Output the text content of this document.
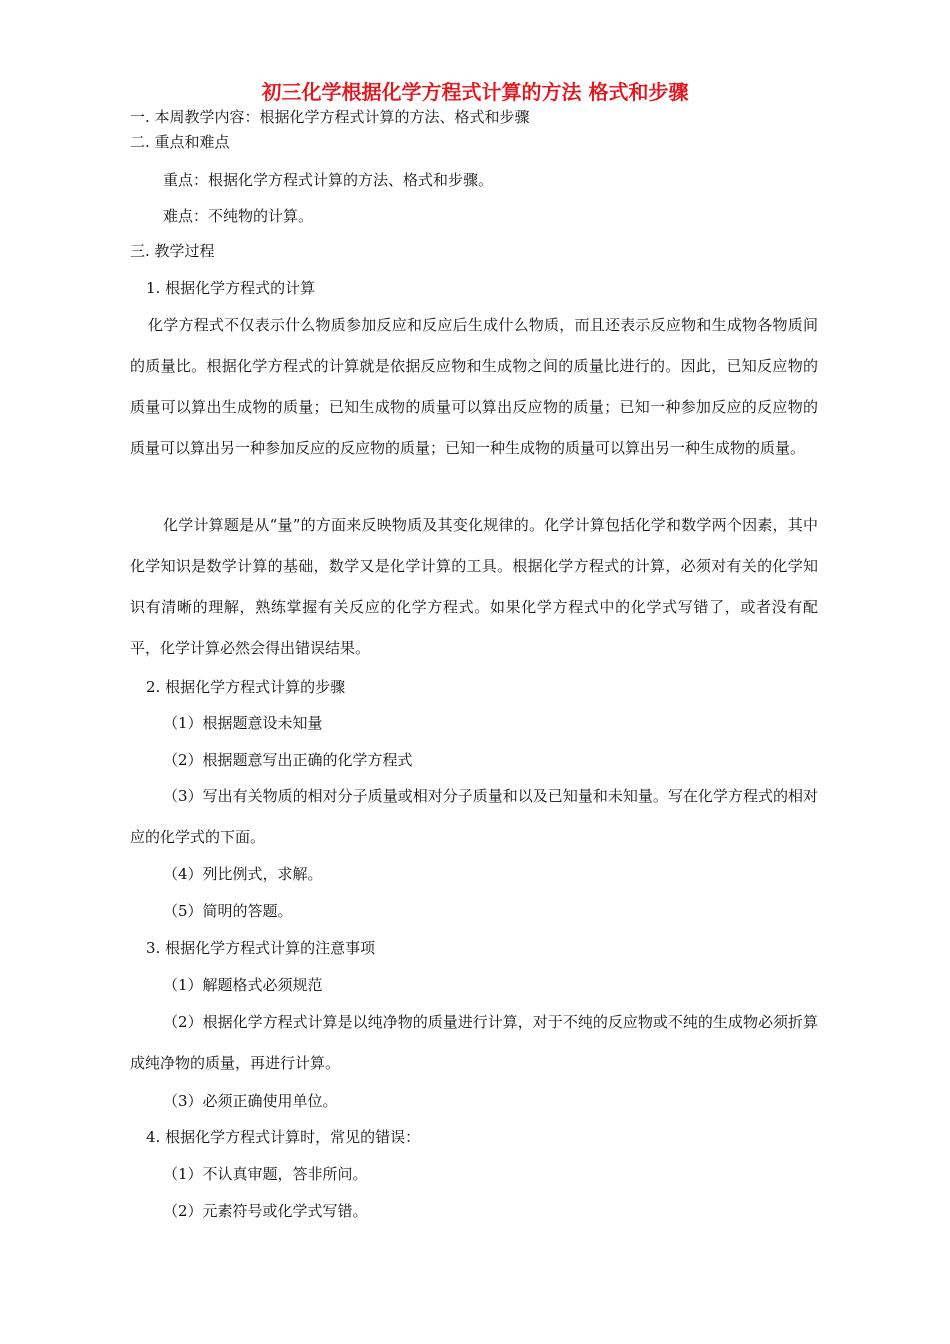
初三化学根据化学方程式计算的方法 格式和步骤
一. 本周教学内容：根据化学方程式计算的方法、格式和步骤
二. 重点和难点
重点：根据化学方程式计算的方法、格式和步骤。
难点：不纯物的计算。
三. 教学过程
1. 根据化学方程式的计算
化学方程式不仅表示什么物质参加反应和反应后生成什么物质，而且还表示反应物和生成物各物质间的质量比。根据化学方程式的计算就是依据反应物和生成物之间的质量比进行的。因此，已知反应物的质量可以算出生成物的质量；已知生成物的质量可以算出反应物的质量；已知一种参加反应的反应物的质量可以算出另一种参加反应的反应物的质量；已知一种生成物的质量可以算出另一种生成物的质量。
化学计算题是从“量”的方面来反映物质及其变化规律的。化学计算包括化学和数学两个因素，其中化学知识是数学计算的基础，数学又是化学计算的工具。根据化学方程式的计算，必须对有关的化学知识有清晰的理解，熟练掌握有关反应的化学方程式。如果化学方程式中的化学式写错了，或者没有配平，化学计算必然会得出错误结果。
2. 根据化学方程式计算的步骤
（1）根据题意设未知量
（2）根据题意写出正确的化学方程式
（3）写出有关物质的相对分子质量或相对分子质量和以及已知量和未知量。写在化学方程式的相对应的化学式的下面。
（4）列比例式，求解。
（5）简明的答题。
3. 根据化学方程式计算的注意事项
（1）解题格式必须规范
（2）根据化学方程式计算是以纯净物的质量进行计算，对于不纯的反应物或不纯的生成物必须折算成纯净物的质量，再进行计算。
（3）必须正确使用单位。
4. 根据化学方程式计算时，常见的错误：
（1）不认真审题，答非所问。
（2）元素符号或化学式写错。
